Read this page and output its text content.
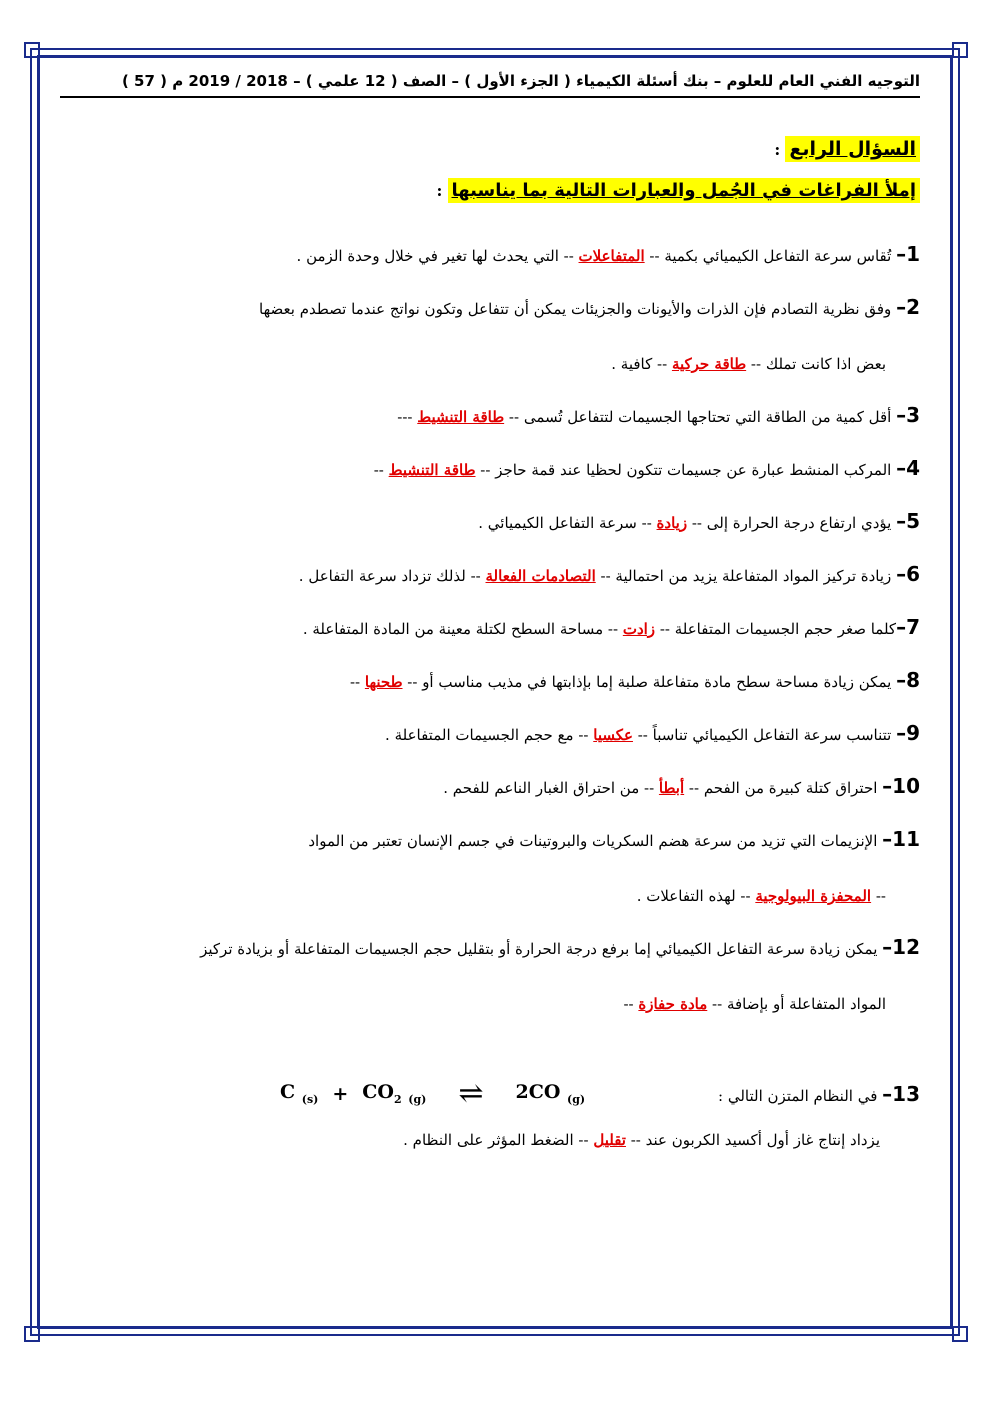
التوجيه الفني العام للعلوم – بنك أسئلة الكيمياء ( الجزء الأول ) – الصف ( 12 علمي ) – 2018 / 2019 م ( 57 )
السؤال الرابع :
إملأ الفراغات في الجُمل والعبارات التالية بما يناسبها :
1– تُقاس سرعة التفاعل الكيميائي بكمية -- المتفاعلات -- التي يحدث لها تغير في خلال وحدة الزمن .
2– وفق نظرية التصادم فإن الذرات والأيونات والجزيئات يمكن أن تتفاعل وتكون نواتج عندما تصطدم بعضها
بعض اذا كانت تملك -- طاقة حركية -- كافية .
3– أقل كمية من الطاقة التي تحتاجها الجسيمات لتتفاعل تُسمى -- طاقة التنشيط ---
4– المركب المنشط عبارة عن جسيمات تتكون لحظيا عند قمة حاجز -- طاقة التنشيط --
5– يؤدي ارتفاع درجة الحرارة إلى -- زيادة -- سرعة التفاعل الكيميائي .
6– زيادة تركيز المواد المتفاعلة يزيد من احتمالية -- التصادمات الفعالة -- لذلك تزداد سرعة التفاعل .
7–كلما صغر حجم الجسيمات المتفاعلة -- زادت -- مساحة السطح لكتلة معينة من المادة المتفاعلة .
8– يمكن زيادة مساحة سطح مادة متفاعلة صلبة إما بإذابتها في مذيب مناسب أو -- طحنها --
9– تتناسب سرعة التفاعل الكيميائي تناسباً -- عكسيا -- مع حجم الجسيمات المتفاعلة .
10– احتراق كتلة كبيرة من الفحم -- أبطأ -- من احتراق الغبار الناعم للفحم .
11– الإنزيمات التي تزيد من سرعة هضم السكريات والبروتينات في جسم الإنسان تعتبر من المواد
-- المحفزة البيولوجية -- لهذه التفاعلات .
12– يمكن زيادة سرعة التفاعل الكيميائي إما برفع درجة الحرارة أو بتقليل حجم الجسيمات المتفاعلة أو بزيادة تركيز
المواد المتفاعلة أو بإضافة -- مادة حفازة --
C $_{(s)} + CO_2$ $_{(g)}$ ⇌ 2CO $_{(g)}$	13– في النظام المتزن التالي :
يزداد إنتاج غاز أول أكسيد الكربون عند -- تقليل -- الضغط المؤثر على النظام .
